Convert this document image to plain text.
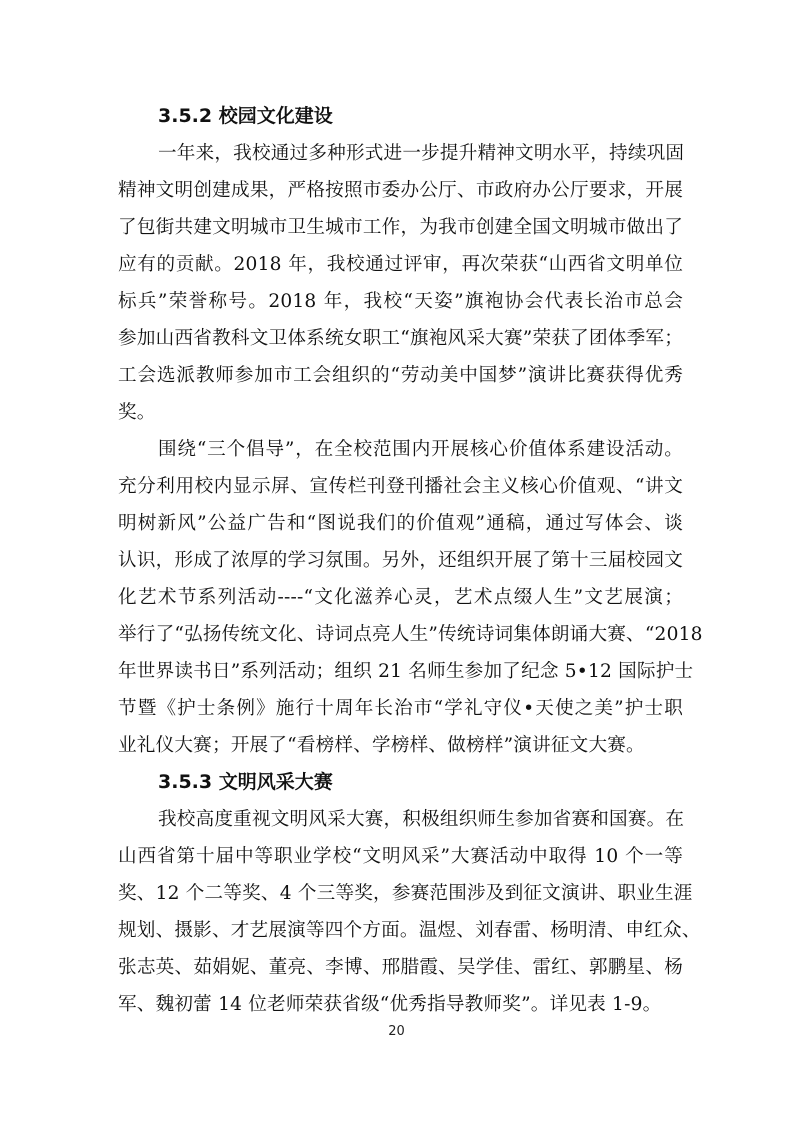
3.5.2 校园文化建设
一年来，我校通过多种形式进一步提升精神文明水平，持续巩固
精神文明创建成果，严格按照市委办公厅、市政府办公厅要求，开展
了包街共建文明城市卫生城市工作，为我市创建全国文明城市做出了
应有的贡献。2018 年，我校通过评审，再次荣获“山西省文明单位
标兵”荣誉称号。2018 年，我校“天姿”旗袍协会代表长治市总会
参加山西省教科文卫体系统女职工“旗袍风采大赛”荣获了团体季军；
工会选派教师参加市工会组织的“劳动美中国梦”演讲比赛获得优秀
奖。
围绕“三个倡导”，在全校范围内开展核心价值体系建设活动。
充分利用校内显示屏、宣传栏刊登刊播社会主义核心价值观、“讲文
明树新风”公益广告和“图说我们的价值观”通稿，通过写体会、谈
认识，形成了浓厚的学习氛围。另外，还组织开展了第十三届校园文
化艺术节系列活动----“文化滋养心灵，艺术点缀人生”文艺展演；
举行了“弘扬传统文化、诗词点亮人生”传统诗词集体朗诵大赛、“2018
年世界读书日”系列活动；组织 21 名师生参加了纪念 5•12 国际护士
节暨《护士条例》施行十周年长治市“学礼守仪•天使之美”护士职
业礼仪大赛；开展了“看榜样、学榜样、做榜样”演讲征文大赛。
3.5.3 文明风采大赛
我校高度重视文明风采大赛，积极组织师生参加省赛和国赛。在
山西省第十届中等职业学校“文明风采”大赛活动中取得 10 个一等
奖、12 个二等奖、4 个三等奖，参赛范围涉及到征文演讲、职业生涯
规划、摄影、才艺展演等四个方面。温煜、刘春雷、杨明清、申红众、
张志英、茹娟妮、董亮、李博、邢腊霞、吴学佳、雷红、郭鹏星、杨
军、魏初蕾 14 位老师荣获省级“优秀指导教师奖”。详见表 1-9。
20
